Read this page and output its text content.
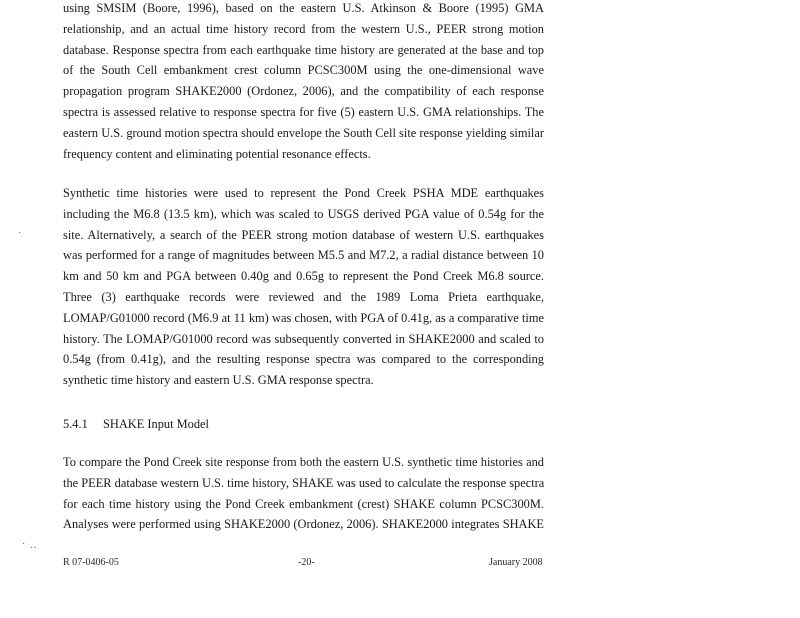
using SMSIM (Boore, 1996), based on the eastern U.S. Atkinson & Boore (1995) GMA
relationship, and an actual time history record from the western U.S., PEER strong motion
database. Response spectra from each earthquake time history are generated at the base and top
of the South Cell embankment crest column PCSC300M using the one-dimensional wave
propagation program SHAKE2000 (Ordonez, 2006), and the compatibility of each response
spectra is assessed relative to response spectra for five (5) eastern U.S. GMA relationships. The
eastern U.S. ground motion spectra should envelope the South Cell site response yielding similar
frequency content and eliminating potential resonance effects.
Synthetic time histories were used to represent the Pond Creek PSHA MDE earthquakes
including the M6.8 (13.5 km), which was scaled to USGS derived PGA value of 0.54g for the
site. Alternatively, a search of the PEER strong motion database of western U.S. earthquakes
was performed for a range of magnitudes between M5.5 and M7.2, a radial distance between 10
km and 50 km and PGA between 0.40g and 0.65g to represent the Pond Creek M6.8 source.
Three (3) earthquake records were reviewed and the 1989 Loma Prieta earthquake,
LOMAP/G01000 record (M6.9 at 11 km) was chosen, with PGA of 0.41g, as a comparative time
history. The LOMAP/G01000 record was subsequently converted in SHAKE2000 and scaled to
0.54g (from 0.41g), and the resulting response spectra was compared to the corresponding
synthetic time history and eastern U.S. GMA response spectra.
5.4.1 SHAKE Input Model
To compare the Pond Creek site response from both the eastern U.S. synthetic time histories and
the PEER database western U.S. time history, SHAKE was used to calculate the response spectra
for each time history using the Pond Creek embankment (crest) SHAKE column PCSC300M.
Analyses were performed using SHAKE2000 (Ordonez, 2006). SHAKE2000 integrates SHAKE
R 07-0406-05	-20-	January 2008
˙
· ··
